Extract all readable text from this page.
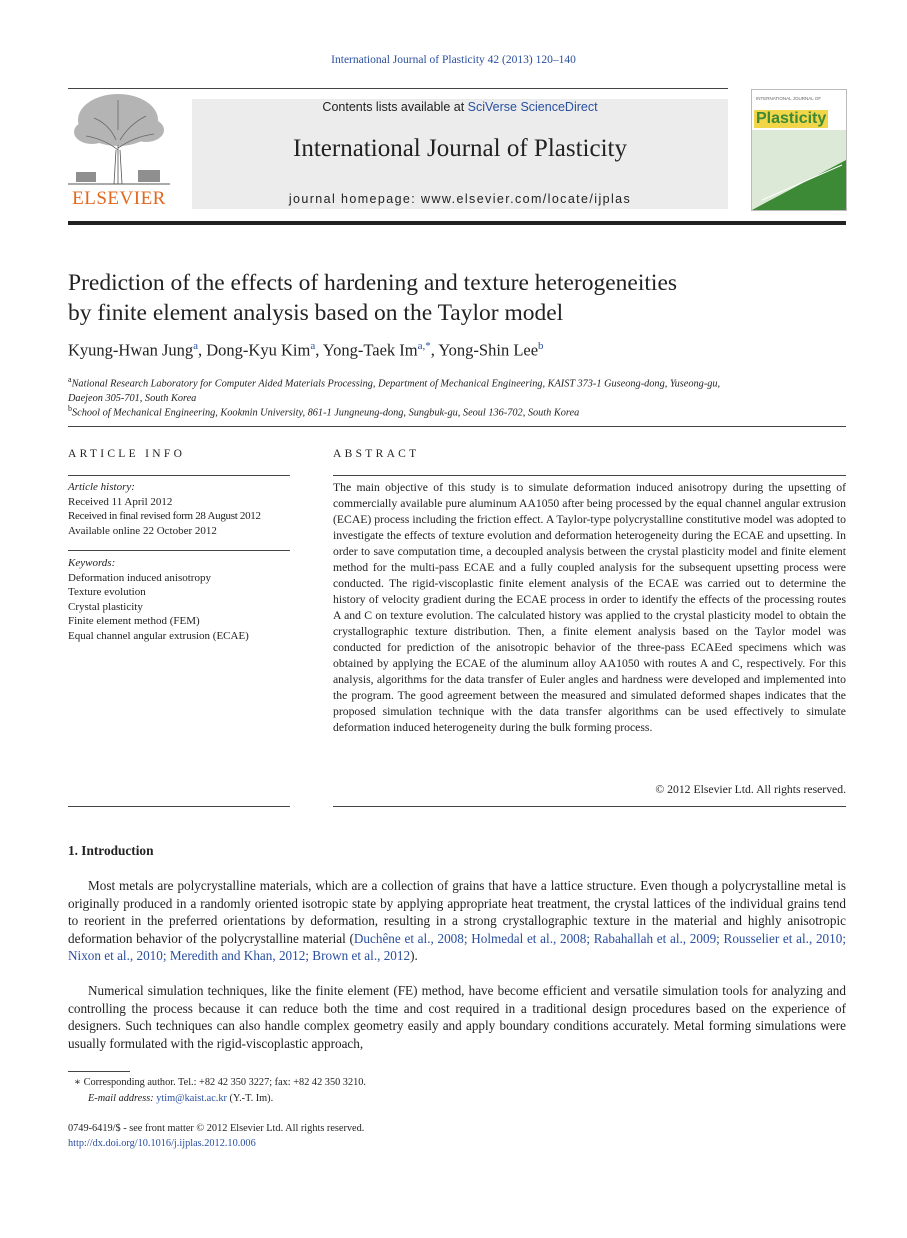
International Journal of Plasticity 42 (2013) 120–140
ELSEVIER
Contents lists available at SciVerse ScienceDirect
International Journal of Plasticity
journal homepage: www.elsevier.com/locate/ijplas
INTERNATIONAL JOURNAL OF
Plasticity
Prediction of the effects of hardening and texture heterogeneities
by finite element analysis based on the Taylor model
Kyung-Hwan Jung$^a$, Dong-Kyu Kim$^a$, Yong-Taek $Im^{a,*}$, Yong-Shin Lee$^b$
$^a$National Research Laboratory for Computer Aided Materials Processing, Department of Mechanical Engineering, KAIST 373-1 Guseong-dong, Yuseong-gu,
Daejeon 305-701, South Korea
$^b$School of Mechanical Engineering, Kookmin University, 861-1 Jungneung-dong, Sungbuk-gu, Seoul 136-702, South Korea
ARTICLE INFO
Article history:
Received 11 April 2012
Received in final revised form 28 August 2012
Available online 22 October 2012
Keywords:
Deformation induced anisotropy
Texture evolution
Crystal plasticity
Finite element method (FEM)
Equal channel angular extrusion (ECAE)
ABSTRACT
The main objective of this study is to simulate deformation induced anisotropy during the upsetting of commercially available pure aluminum AA1050 after being processed by the equal channel angular extrusion (ECAE) process including the friction effect. A Taylor-type polycrystalline constitutive model was adopted to investigate the effects of texture evolution and deformation heterogeneity during the ECAE and upsetting. In order to save computation time, a decoupled analysis between the crystal plasticity model and finite element method for the multi-pass ECAE and a fully coupled analysis for the subsequent upsetting process were conducted. The rigid-viscoplastic finite element analysis of the ECAE was carried out to determine the history of velocity gradient during the ECAE process in order to identify the effects of the processing routes A and C on texture evolution. The calculated history was applied to the crystal plasticity model to obtain the crystallographic texture distribution. Then, a finite element analysis based on the Taylor model was conducted for prediction of the anisotropic behavior of the three-pass ECAEed specimens which was obtained by applying the ECAE of the aluminum alloy AA1050 with routes A and C, respectively. For this analysis, algorithms for the data transfer of Euler angles and hardness were developed and implemented into the program. The good agreement between the measured and simulated deformed shapes indicates that the proposed simulation technique with the data transfer algorithms can be used effectively to simulate deformation induced heterogeneity during the bulk forming process.
© 2012 Elsevier Ltd. All rights reserved.
1. Introduction
Most metals are polycrystalline materials, which are a collection of grains that have a lattice structure. Even though a polycrystalline metal is originally produced in a randomly oriented isotropic state by applying appropriate heat treatment, the crystal lattices of the individual grains tend to reorient in the preferred orientations by deformation, resulting in a strong crystallographic texture in the material and highly anisotropic deformation behavior of the polycrystalline material (Duchêne et al., 2008; Holmedal et al., 2008; Rabahallah et al., 2009; Rousselier et al., 2010; Nixon et al., 2010; Meredith and Khan, 2012; Brown et al., 2012).
Numerical simulation techniques, like the finite element (FE) method, have become efficient and versatile simulation tools for analyzing and controlling the process because it can reduce both the time and cost required in a traditional design procedures based on the experience of designers. Such techniques can also handle complex geometry easily and apply boundary conditions accurately. Metal forming simulations were usually formulated with the rigid-viscoplastic approach,
∗ Corresponding author. Tel.: +82 42 350 3227; fax: +82 42 350 3210.
E-mail address: ytim@kaist.ac.kr (Y.-T. Im).
0749-6419/$ - see front matter © 2012 Elsevier Ltd. All rights reserved.
http://dx.doi.org/10.1016/j.ijplas.2012.10.006
